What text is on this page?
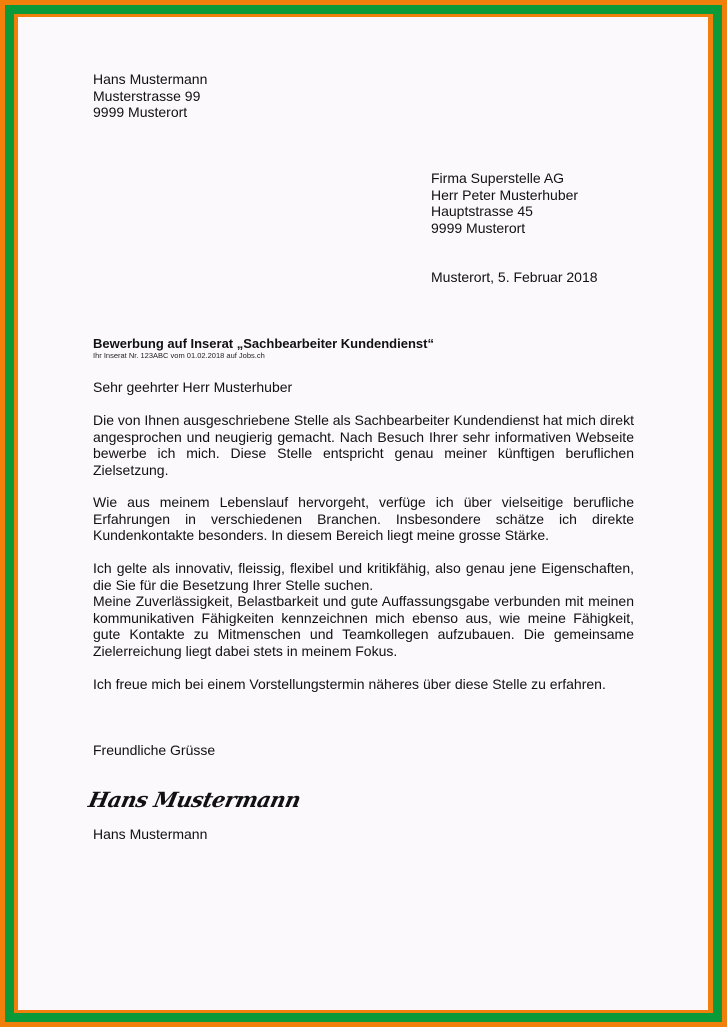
Hans Mustermann
Musterstrasse 99
9999 Musterort
Firma Superstelle AG
Herr Peter Musterhuber
Hauptstrasse 45
9999 Musterort
Musterort, 5. Februar 2018
Bewerbung auf Inserat „Sachbearbeiter Kundendienst“
Ihr Inserat Nr. 123ABC vom 01.02.2018 auf Jobs.ch
Sehr geehrter Herr Musterhuber
Die von Ihnen ausgeschriebene Stelle als Sachbearbeiter Kundendienst hat mich direkt angesprochen und neugierig gemacht. Nach Besuch Ihrer sehr informativen Webseite bewerbe ich mich. Diese Stelle entspricht genau meiner künftigen beruflichen Zielsetzung.
Wie aus meinem Lebenslauf hervorgeht, verfüge ich über vielseitige berufliche Erfahrungen in verschiedenen Branchen. Insbesondere schätze ich direkte Kundenkontakte besonders. In diesem Bereich liegt meine grosse Stärke.
Ich gelte als innovativ, fleissig, flexibel und kritikfähig, also genau jene Eigenschaften, die Sie für die Besetzung Ihrer Stelle suchen.
Meine Zuverlässigkeit, Belastbarkeit und gute Auffassungsgabe verbunden mit meinen kommunikativen Fähigkeiten kennzeichnen mich ebenso aus, wie meine Fähigkeit, gute Kontakte zu Mitmenschen und Teamkollegen aufzubauen. Die gemeinsame Zielerreichung liegt dabei stets in meinem Fokus.
Ich freue mich bei einem Vorstellungstermin näheres über diese Stelle zu erfahren.
Freundliche Grüsse
Hans Mustermann
Hans Mustermann
